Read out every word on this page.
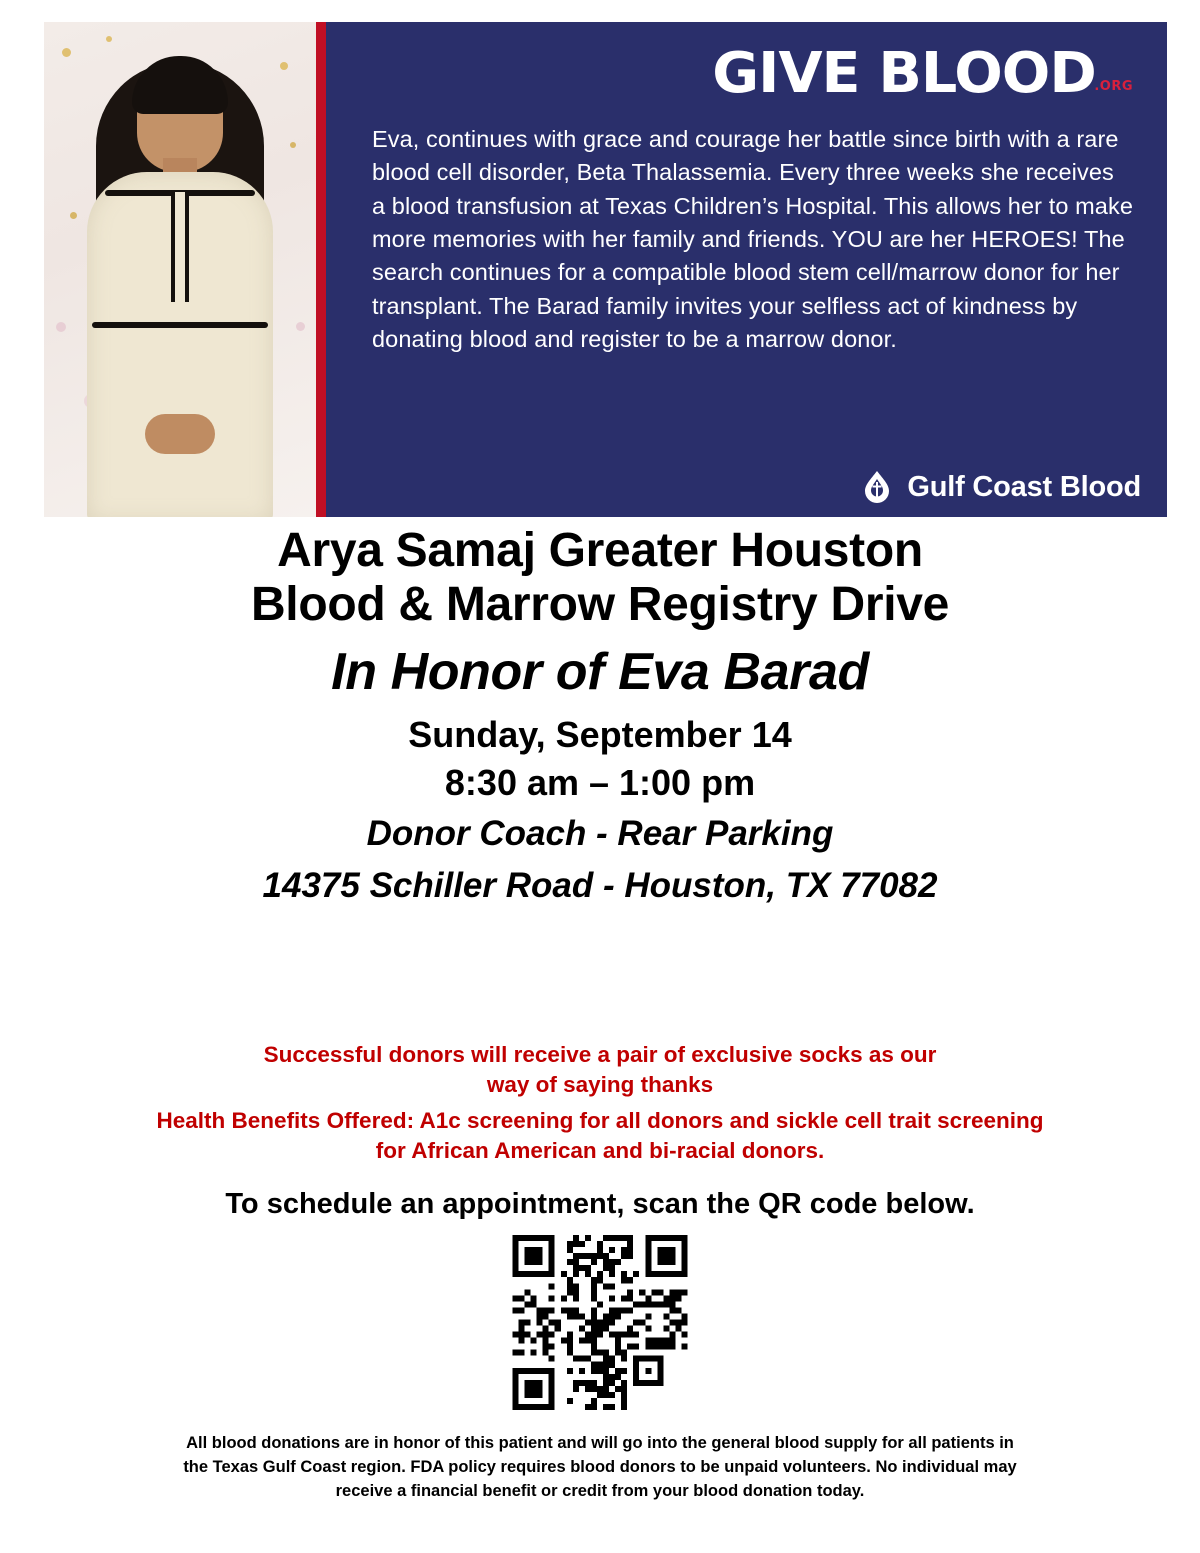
GIVE BLOOD
.ORG

Eva, continues with grace and courage her battle since birth with a rare blood cell disorder, Beta Thalassemia. Every three weeks she receives a blood transfusion at Texas Children’s Hospital. This allows her to make more memories with her family and friends. YOU are her HEROES! The search continues for a compatible blood stem cell/marrow donor for her transplant. The Barad family invites your selfless act of kindness by donating blood and register to be a marrow donor.

Gulf Coast Blood
Arya Samaj Greater Houston
Blood & Marrow Registry Drive
In Honor of Eva Barad
Sunday, September 14
8:30 am – 1:00 pm
Donor Coach - Rear Parking
14375 Schiller Road - Houston, TX 77082
Successful donors will receive a pair of exclusive socks as our
way of saying thanks
Health Benefits Offered: A1c screening for all donors and sickle cell trait screening
for African American and bi-racial donors.
To schedule an appointment, scan the QR code below.
All blood donations are in honor of this patient and will go into the general blood supply for all patients in
the Texas Gulf Coast region. FDA policy requires blood donors to be unpaid volunteers. No individual may
receive a financial benefit or credit from your blood donation today.
